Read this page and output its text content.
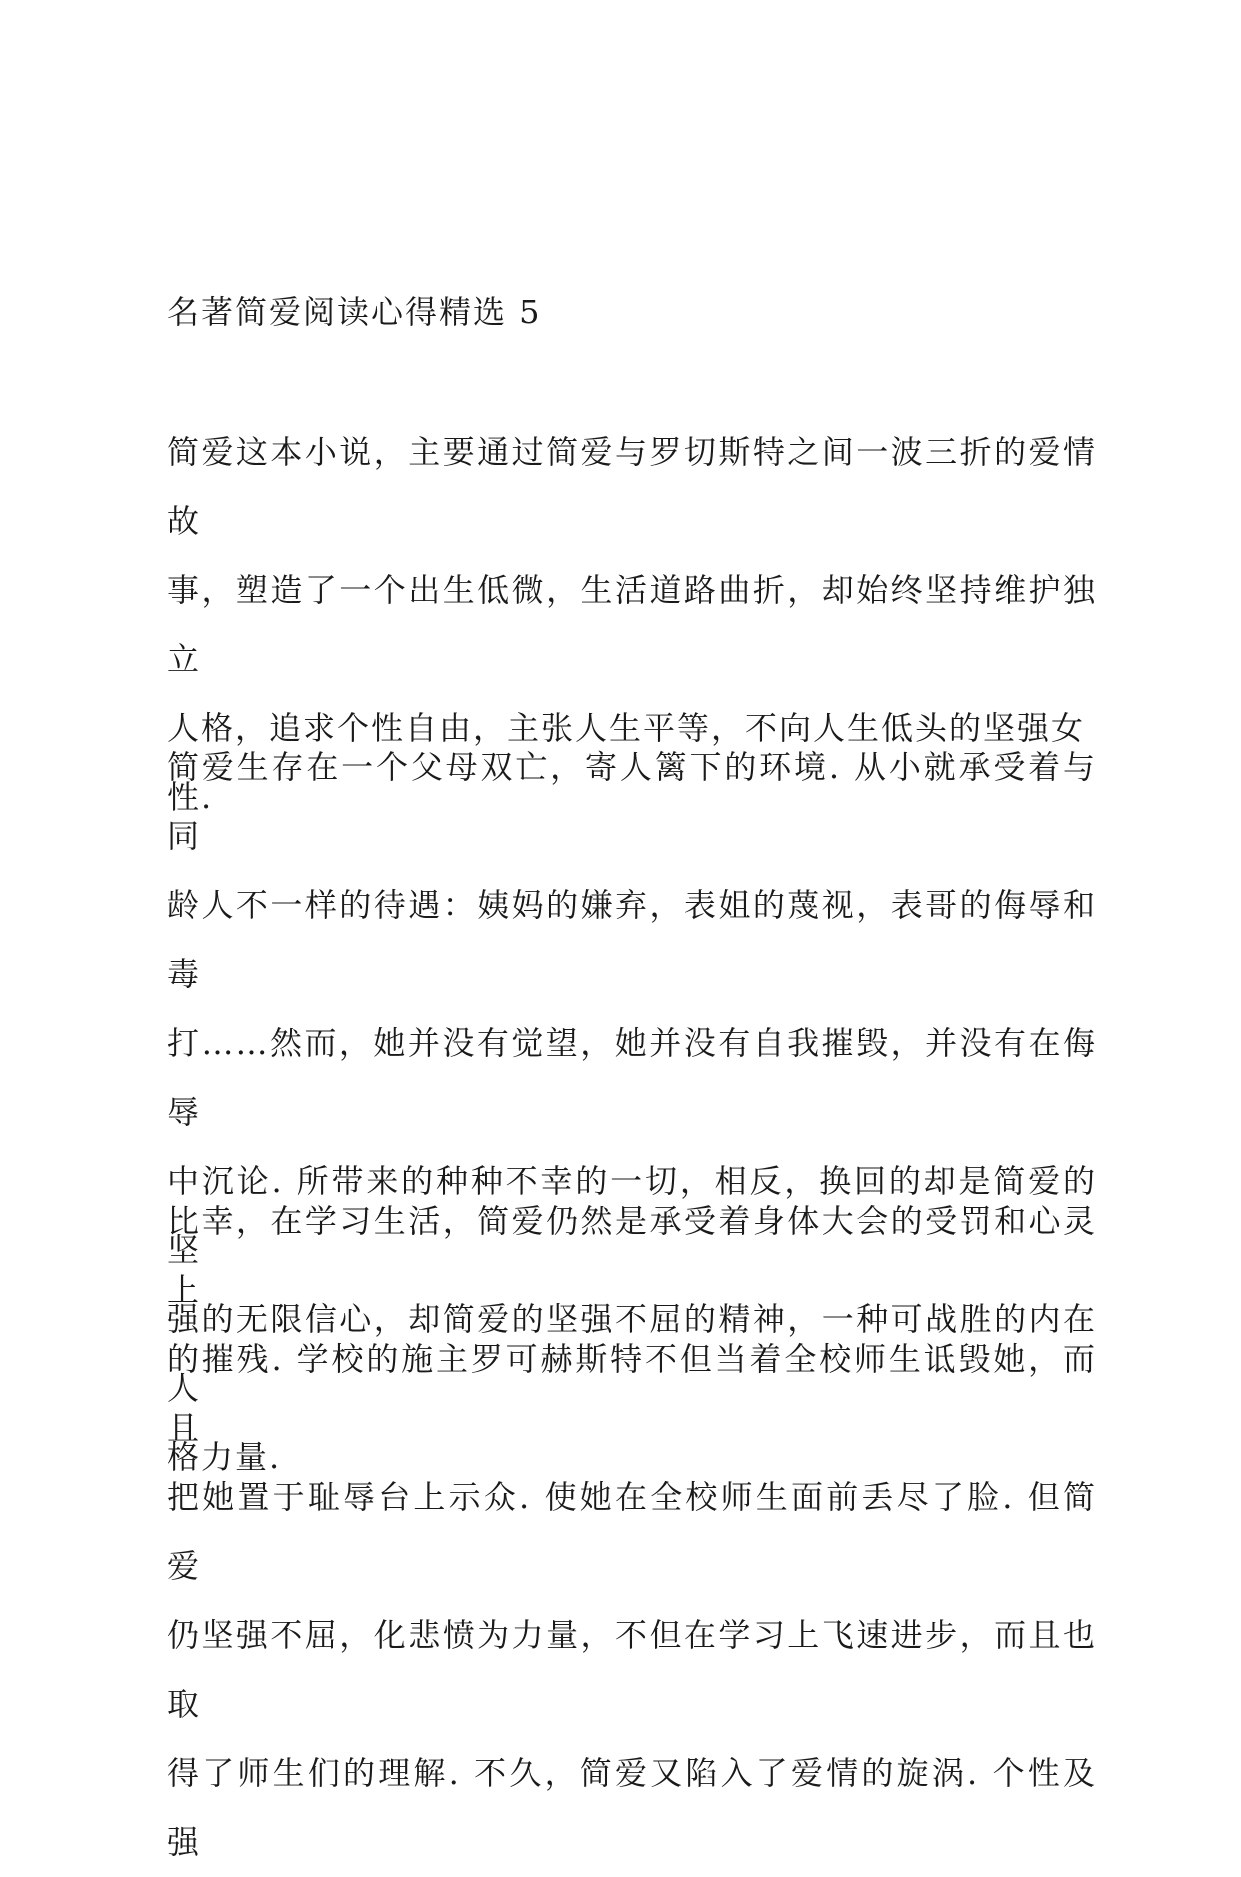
名著简爱阅读心得精选 5
简爱这本小说，主要通过简爱与罗切斯特之间一波三折的爱情故
事，塑造了一个出生低微，生活道路曲折，却始终坚持维护独立
人格，追求个性自由，主张人生平等，不向人生低头的坚强女
性.
简爱生存在一个父母双亡，寄人篱下的环境. 从小就承受着与同
龄人不一样的待遇：姨妈的嫌弃，表姐的蔑视，表哥的侮辱和毒
打……然而，她并没有觉望，她并没有自我摧毁，并没有在侮辱
中沉论. 所带来的种种不幸的一切，相反，换回的却是简爱的坚
强的无限信心，却简爱的坚强不屈的精神，一种可战胜的内在人
格力量.
比幸，在学习生活，简爱仍然是承受着身体大会的受罚和心灵上
的摧残. 学校的施主罗可赫斯特不但当着全校师生诋毁她，而且
把她置于耻辱台上示众. 使她在全校师生面前丢尽了脸. 但简爱
仍坚强不屈，化悲愤为力量，不但在学习上飞速进步，而且也取
得了师生们的理解. 不久，简爱又陷入了爱情的旋涡. 个性及强
